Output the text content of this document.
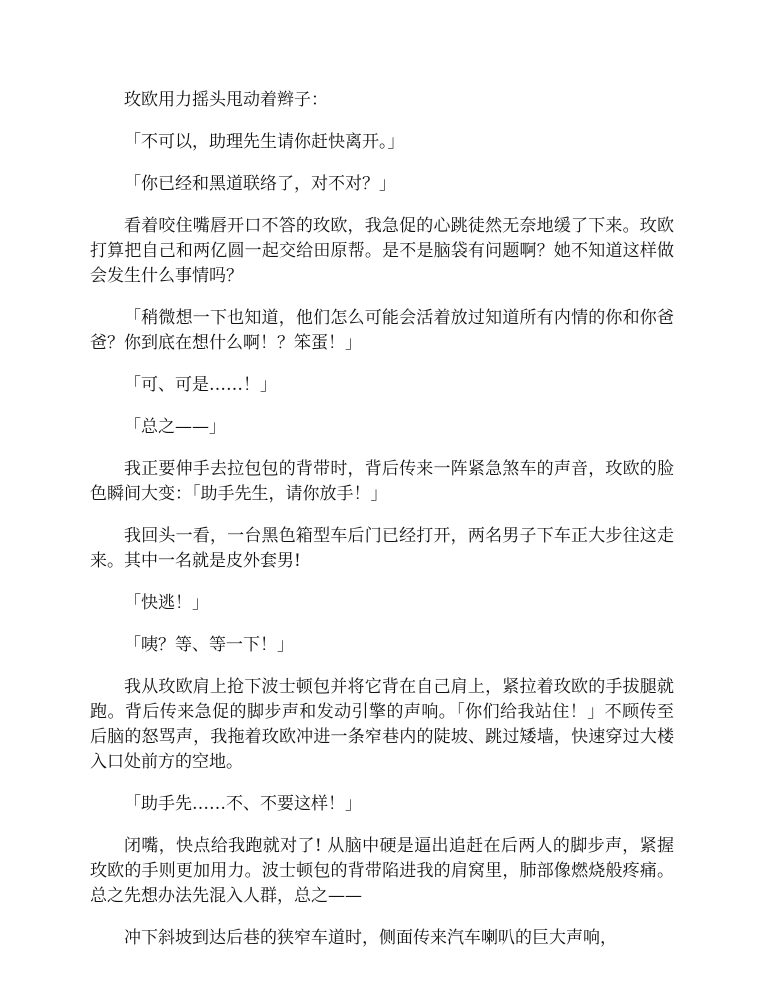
玫欧用力摇头甩动着辫子：

「不可以，助理先生请你赶快离开。」

「你已经和黑道联络了，对不对？」

看着咬住嘴唇开口不答的玫欧，我急促的心跳徒然无奈地缓了下来。玫欧打算把自己和两亿圆一起交给田原帮。是不是脑袋有问题啊？她不知道这样做会发生什么事情吗？

「稍微想一下也知道，他们怎么可能会活着放过知道所有内情的你和你爸爸？你到底在想什么啊！？笨蛋！」

「可、可是……！」

「总之——」

我正要伸手去拉包包的背带时，背后传来一阵紧急煞车的声音，玫欧的脸色瞬间大变：「助手先生，请你放手！」

我回头一看，一台黑色箱型车后门已经打开，两名男子下车正大步往这走来。其中一名就是皮外套男!

「快逃！」

「咦？等、等一下！」

我从玫欧肩上抢下波士顿包并将它背在自己肩上，紧拉着玫欧的手拔腿就跑。背后传来急促的脚步声和发动引擎的声响。「你们给我站住！」不顾传至后脑的怒骂声，我拖着玫欧冲进一条窄巷内的陡坡、跳过矮墙，快速穿过大楼入口处前方的空地。

「助手先……不、不要这样！」

闭嘴，快点给我跑就对了! 从脑中硬是逼出追赶在后两人的脚步声，紧握玫欧的手则更加用力。波士顿包的背带陷进我的肩窝里，肺部像燃烧般疼痛。总之先想办法先混入人群，总之——

冲下斜坡到达后巷的狭窄车道时，侧面传来汽车喇叭的巨大声响，
